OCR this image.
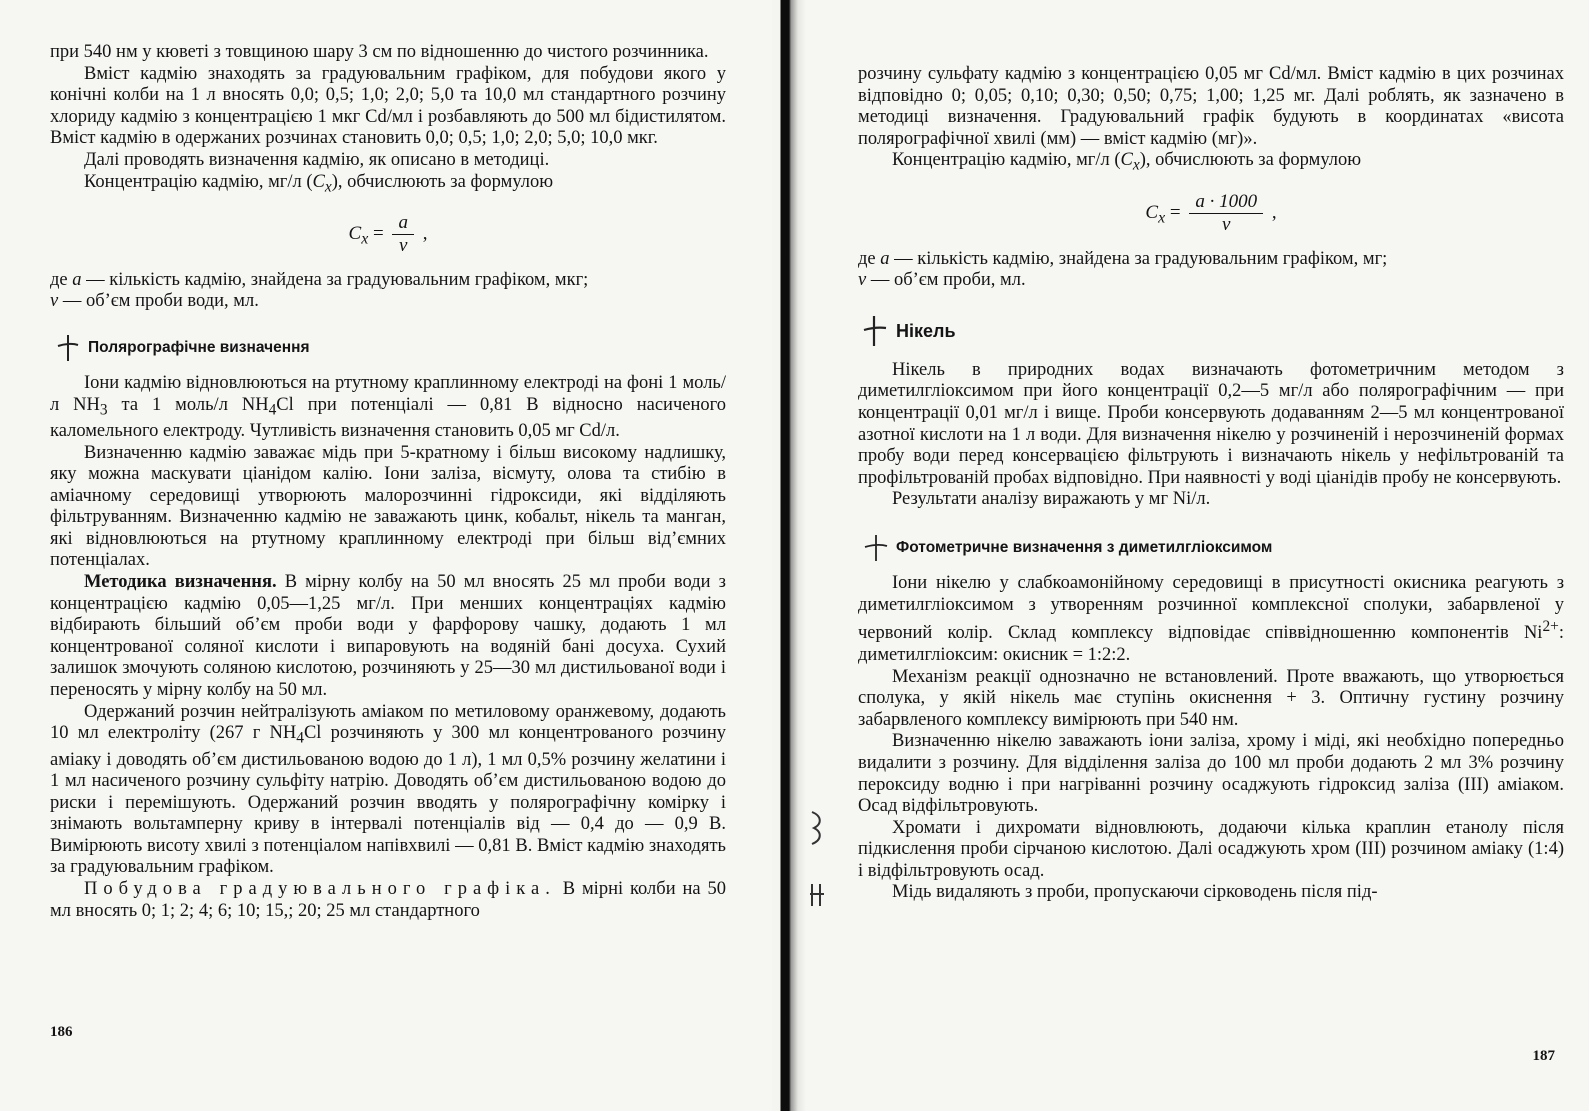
при 540 нм у кюветі з товщиною шару 3 см по відношенню до чистого розчинника.

Вміст кадмію знаходять за градуювальним графіком, для побудови якого у конічні колби на 1 л вносять 0,0; 0,5; 1,0; 2,0; 5,0 та 10,0 мл стандартного розчину хлориду кадмію з концентрацією 1 мкг Cd/мл і розбавляють до 500 мл бідистилятом. Вміст кадмію в одержаних розчинах становить 0,0; 0,5; 1,0; 2,0; 5,0; 10,0 мкг.

Далі проводять визначення кадмію, як описано в методиці.

Концентрацію кадмію, мг/л $(C_x)$, обчислюють за формулою

$C_x = \frac{a}{v}$ ,

де a — кількість кадмію, знайдена за градуювальним графіком, мкг;

v — об’єм проби води, мл.

Полярографічне визначення

Іони кадмію відновлюються на ртутному краплинному електроді на фоні 1 моль/л $NH_3$ та 1 моль/л $NH_4Cl$ при потенціалі — 0,81 В відносно насиченого каломельного електроду. Чутливість визначення становить 0,05 мг Cd/л.

Визначенню кадмію заважає мідь при 5-кратному і більш високому надлишку, яку можна маскувати ціанідом калію. Іони заліза, вісмуту, олова та стибію в аміачному середовищі утворюють малорозчинні гідроксиди, які відділяють фільтруванням. Визначенню кадмію не заважають цинк, кобальт, нікель та манган, які відновлюються на ртутному краплинному електроді при більш від’ємних потенціалах.

Методика визначення. В мірну колбу на 50 мл вносять 25 мл проби води з концентрацією кадмію 0,05—1,25 мг/л. При менших концентраціях кадмію відбирають більший об’єм проби води у фарфорову чашку, додають 1 мл концентрованої соляної кислоти і випаровують на водяній бані досуха. Сухий залишок змочують соляною кислотою, розчиняють у 25—30 мл дистильованої води і переносять у мірну колбу на 50 мл.

Одержаний розчин нейтралізують аміаком по метиловому оранжевому, додають 10 мл електроліту (267 г $NH_4Cl$ розчиняють у 300 мл концентрованого розчину аміаку і доводять об’єм дистильованою водою до 1 л), 1 мл 0,5% розчину желатини і 1 мл насиченого розчину сульфіту натрію. Доводять об’єм дистильованою водою до риски і перемішують. Одержаний розчин вводять у полярографічну комірку і знімають вольтамперну криву в інтервалі потенціалів від — 0,4 до — 0,9 В. Вимірюють висоту хвилі з потенціалом напівхвилі — 0,81 В. Вміст кадмію знаходять за градуювальним графіком.

Побудова градуювального графіка. В мірні колби на 50 мл вносять 0; 1; 2; 4; 6; 10; 15,; 20; 25 мл стандартного

186

розчину сульфату кадмію з концентрацією 0,05 мг Cd/мл. Вміст кадмію в цих розчинах відповідно 0; 0,05; 0,10; 0,30; 0,50; 0,75; 1,00; 1,25 мг. Далі роблять, як зазначено в методиці визначення. Градуювальний графік будують в координатах «висота полярографічної хвилі (мм) — вміст кадмію (мг)».

Концентрацію кадмію, мг/л $(C_x)$, обчислюють за формулою

$C_x = \frac{a \cdot 1000}{v}$ ,

де a — кількість кадмію, знайдена за градуювальним графіком, мг;

v — об’єм проби, мл.

Нікель

Нікель в природних водах визначають фотометричним методом з диметилгліоксимом при його концентрації 0,2—5 мг/л або полярографічним — при концентрації 0,01 мг/л і вище. Проби консервують додаванням 2—5 мл концентрованої азотної кислоти на 1 л води. Для визначення нікелю у розчиненій і нерозчиненій формах пробу води перед консервацією фільтрують і визначають нікель у нефільтрованій та профільтрованій пробах відповідно. При наявності у воді ціанідів пробу не консервують.

Результати аналізу виражають у мг Ni/л.

Фотометричне визначення з диметилгліоксимом

Іони нікелю у слабкоамонійному середовищі в присутності окисника реагують з диметилгліоксимом з утворенням розчинної комплексної сполуки, забарвленої у червоний колір. Склад комплексу відповідає співвідношенню компонентів $Ni^{2+}$: диметилгліоксим: окисник = 1:2:2.

Механізм реакції однозначно не встановлений. Проте вважають, що утворюється сполука, у якій нікель має ступінь окиснення + 3. Оптичну густину розчину забарвленого комплексу вимірюють при 540 нм.

Визначенню нікелю заважають іони заліза, хрому і міді, які необхідно попередньо видалити з розчину. Для відділення заліза до 100 мл проби додають 2 мл 3% розчину пероксиду водню і при нагріванні розчину осаджують гідроксид заліза (III) аміаком. Осад відфільтровують.

Хромати і дихромати відновлюють, додаючи кілька краплин етанолу після підкислення проби сірчаною кислотою. Далі осаджують хром (III) розчином аміаку (1:4) і відфільтровують осад.

Мідь видаляють з проби, пропускаючи сірководень після під-

187
